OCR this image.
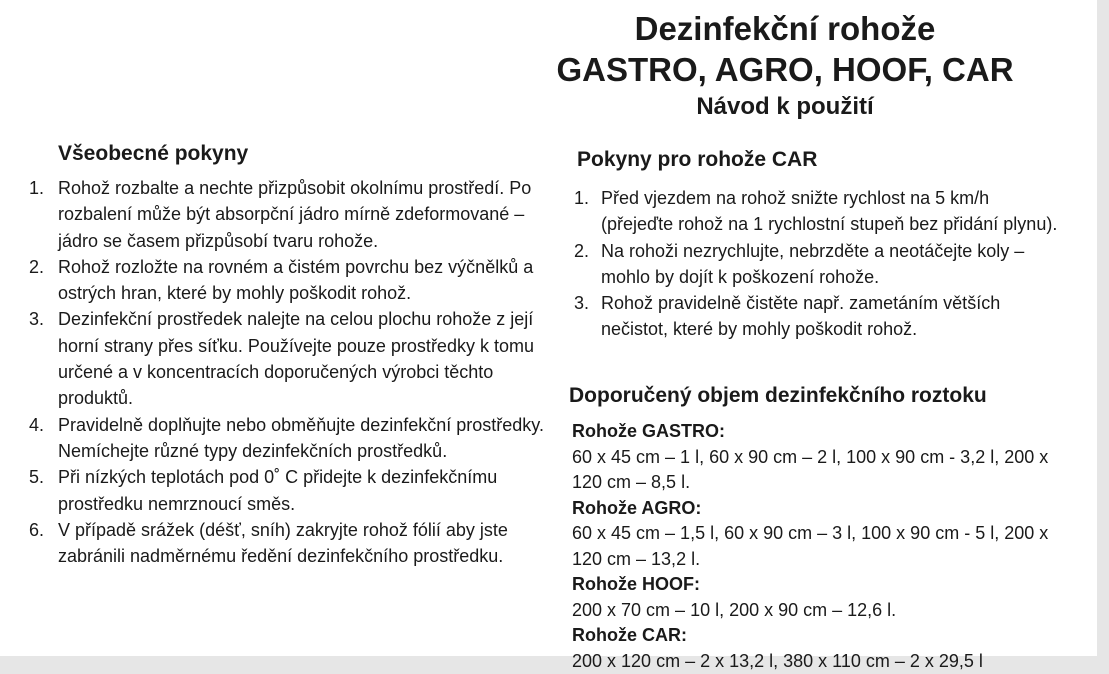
Dezinfekční rohože
GASTRO, AGRO, HOOF, CAR
Návod k použití
Všeobecné pokyny
1. Rohož rozbalte a nechte přizpůsobit okolnímu prostředí. Po rozbalení může být absorpční jádro mírně zdeformované – jádro se časem přizpůsobí tvaru rohože.
2. Rohož rozložte na rovném a čistém povrchu bez výčnělků a ostrých hran, které by mohly poškodit rohož.
3. Dezinfekční prostředek nalejte na celou plochu rohože z její horní strany přes síťku. Používejte pouze prostředky k tomu určené a v koncentracích doporučených výrobci těchto produktů.
4. Pravidelně doplňujte nebo obměňujte dezinfekční prostředky. Nemíchejte různé typy dezinfekčních prostředků.
5. Při nízkých teplotách pod 0˚ C přidejte k dezinfekčnímu prostředku nemrznoucí směs.
6. V případě srážek (déšť, sníh) zakryjte rohož fólií aby jste zabránili nadměrnému ředění dezinfekčního prostředku.
Pokyny pro rohože CAR
1. Před vjezdem na rohož snižte rychlost na 5 km/h (přejeďte rohož na 1 rychlostní stupeň bez přidání plynu).
2. Na rohoži nezrychlujte, nebrzděte a neotáčejte koly – mohlo by dojít k poškození rohože.
3. Rohož pravidelně čistěte např. zametáním větších nečistot, které by mohly poškodit rohož.
Doporučený objem dezinfekčního roztoku
Rohože GASTRO:
60 x 45 cm – 1 l, 60 x 90 cm – 2 l, 100 x 90 cm - 3,2 l, 200 x 120 cm – 8,5 l.
Rohože AGRO:
60 x 45 cm – 1,5 l, 60 x 90 cm – 3 l, 100 x 90 cm - 5 l, 200 x 120 cm – 13,2 l.
Rohože HOOF:
200 x 70 cm – 10 l, 200 x 90 cm – 12,6 l.
Rohože CAR:
200 x 120 cm – 2 x 13,2 l, 380 x 110 cm – 2 x 29,5 l
